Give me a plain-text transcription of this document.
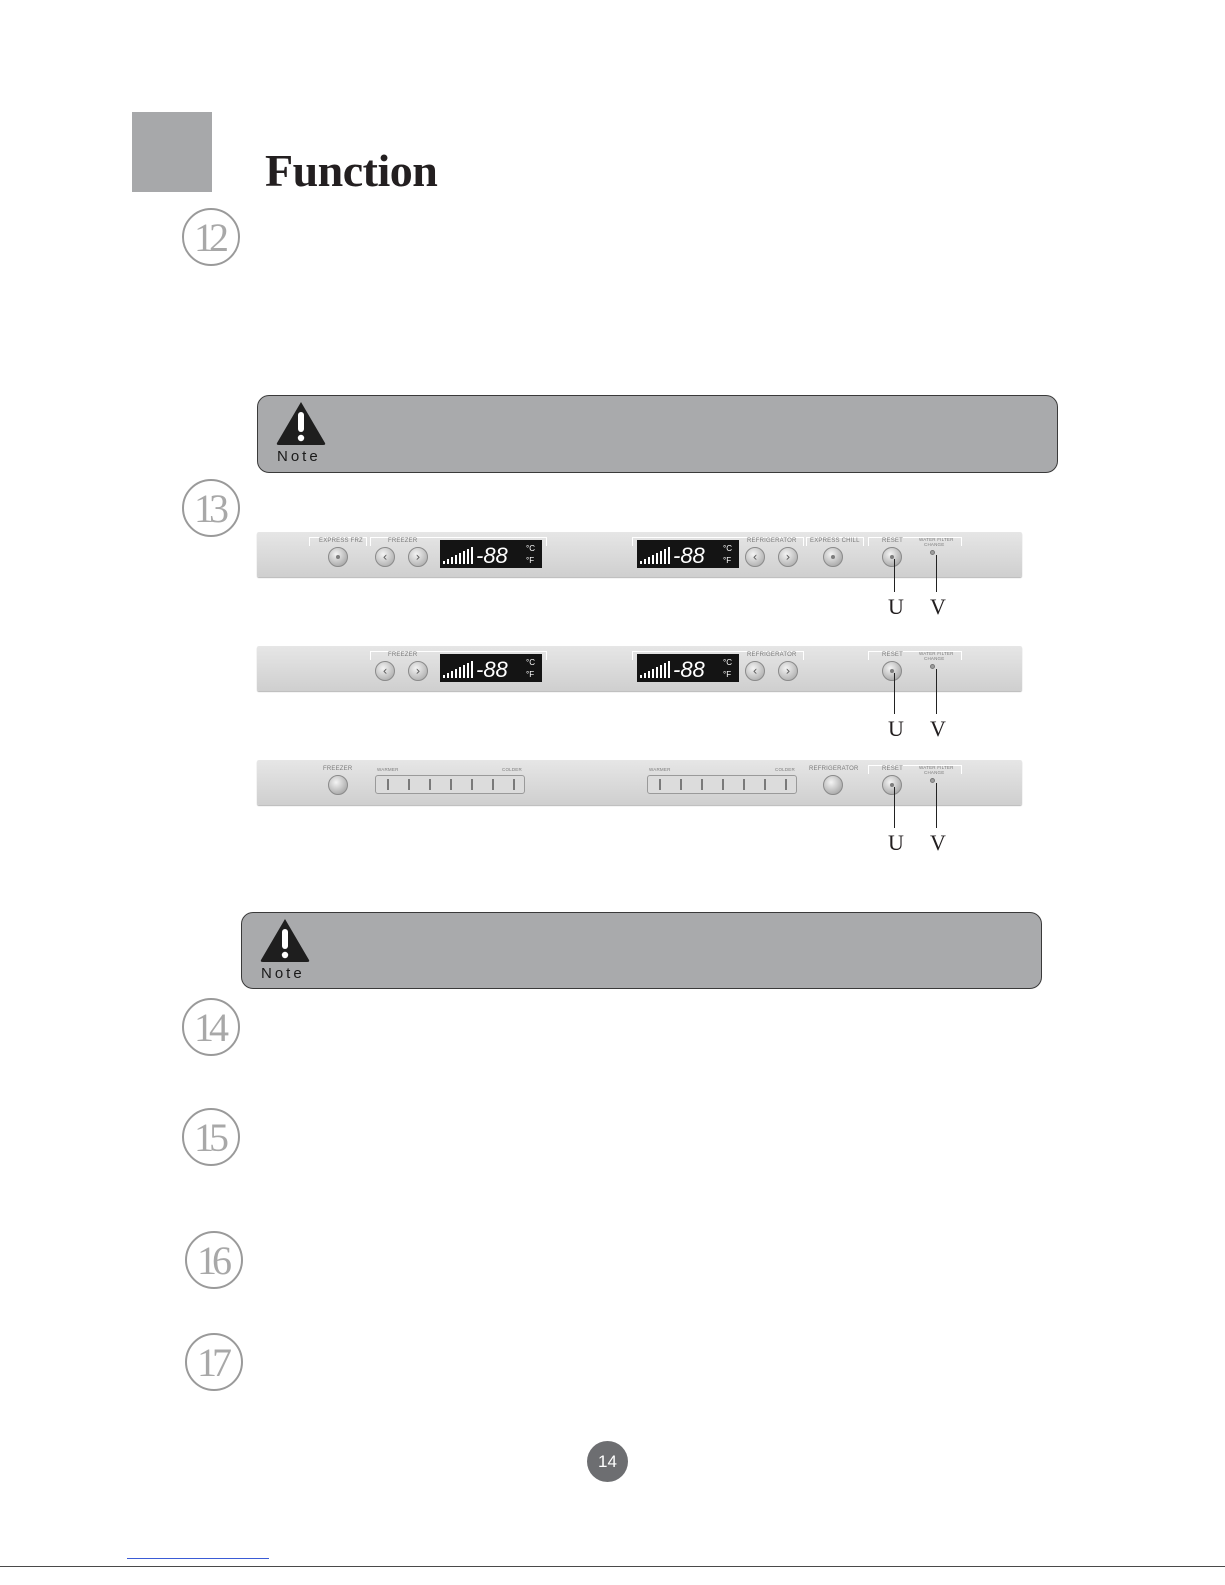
Function
12
13
14
15
16
17
Note
EXPRESS FRZ	FREEZER
‹	›	-88 °C
°F	-88 °C
°F
REFRIGERATOR
‹	›
EXPRESS CHILL	RESET	WATER FILTER
CHANGE
U V
FREEZER
‹	›	-88 °C
°F	-88 °C
°F
REFRIGERATOR
‹	›
RESET	WATER FILTER
CHANGE
U V
FREEZER	WARMER	COLDER	WARMER	COLDER REFRIGERATOR	RESET	WATER FILTER
CHANGE
U V
Note
14
